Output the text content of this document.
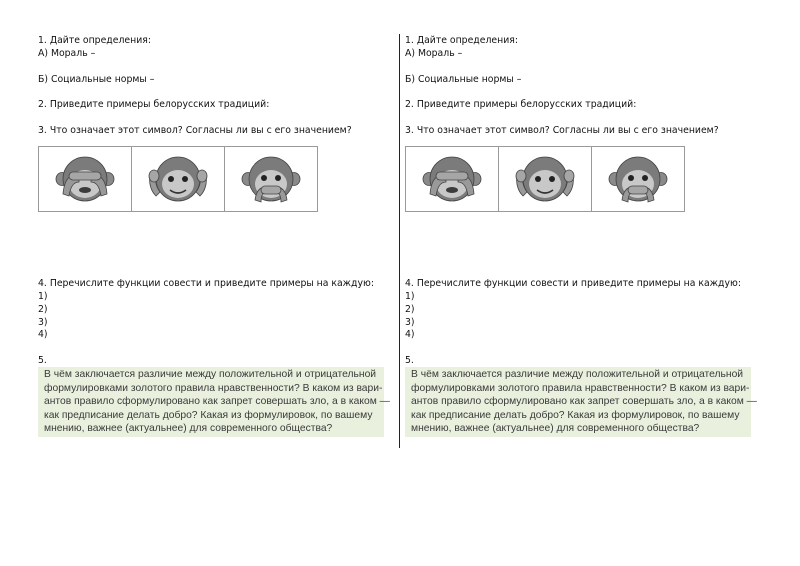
1. Дайте определения:
А) Мораль –
Б) Социальные нормы –
2. Приведите примеры белорусских традиций:
3. Что означает этот символ? Согласны ли вы с его значением?
4. Перечислите функции совести и приведите примеры на каждую:
1)
2)
3)
4)
5.
В чём заключается различие между положительной и отрицательной
формулировками золотого правила нравственности? В каком из вари-
антов правило сформулировано как запрет совершать зло, а в каком —
как предписание делать добро? Какая из формулировок, по вашему
мнению, важнее (актуальнее) для современного общества?
1. Дайте определения:
А) Мораль –
Б) Социальные нормы –
2. Приведите примеры белорусских традиций:
3. Что означает этот символ? Согласны ли вы с его значением?
4. Перечислите функции совести и приведите примеры на каждую:
1)
2)
3)
4)
5.
В чём заключается различие между положительной и отрицательной
формулировками золотого правила нравственности? В каком из вари-
антов правило сформулировано как запрет совершать зло, а в каком —
как предписание делать добро? Какая из формулировок, по вашему
мнению, важнее (актуальнее) для современного общества?
